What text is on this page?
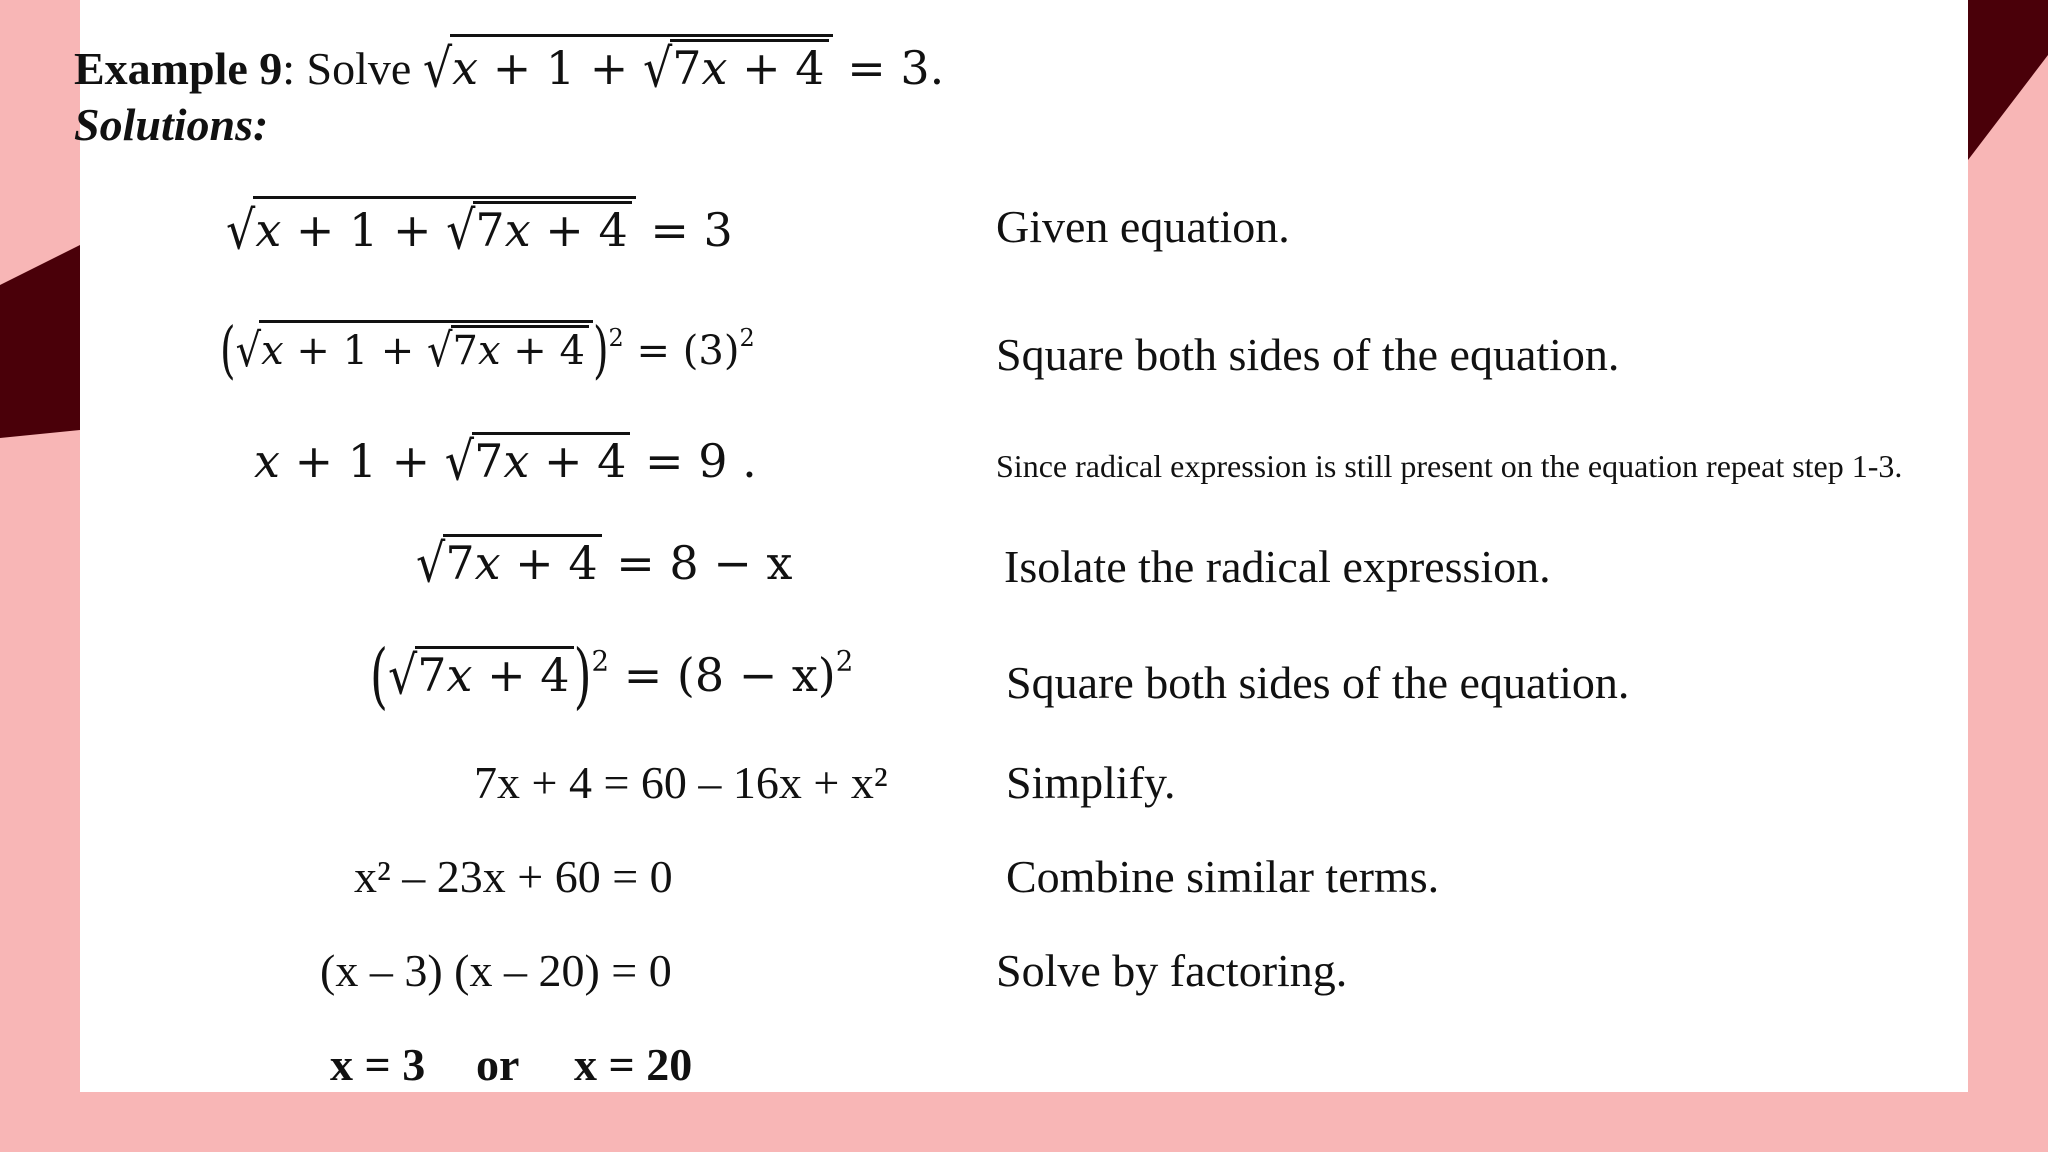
Example 9: Solve √x + 1 + √7x + 4 = 3.
Solutions:
√x + 1 + √7x + 4 = 3	Given equation.
(√x + 1 + √7x + 4 )$^2 = (3)^2$	Square both sides of the equation.
x + 1 + √7x + 4 = 9 .	Since radical expression is still present on the equation repeat step 1-3.
√7x + 4 = 8 − x	Isolate the radical expression.
$(√7x + 4)^2 = (8 - x)^2$	Square both sides of the equation.
7x + 4 = 60 – 16x + x²	Simplify.
x² – 23x + 60 = 0	Combine similar terms.
(x – 3) (x – 20) = 0	Solve by factoring.
x = 3 or x = 20
